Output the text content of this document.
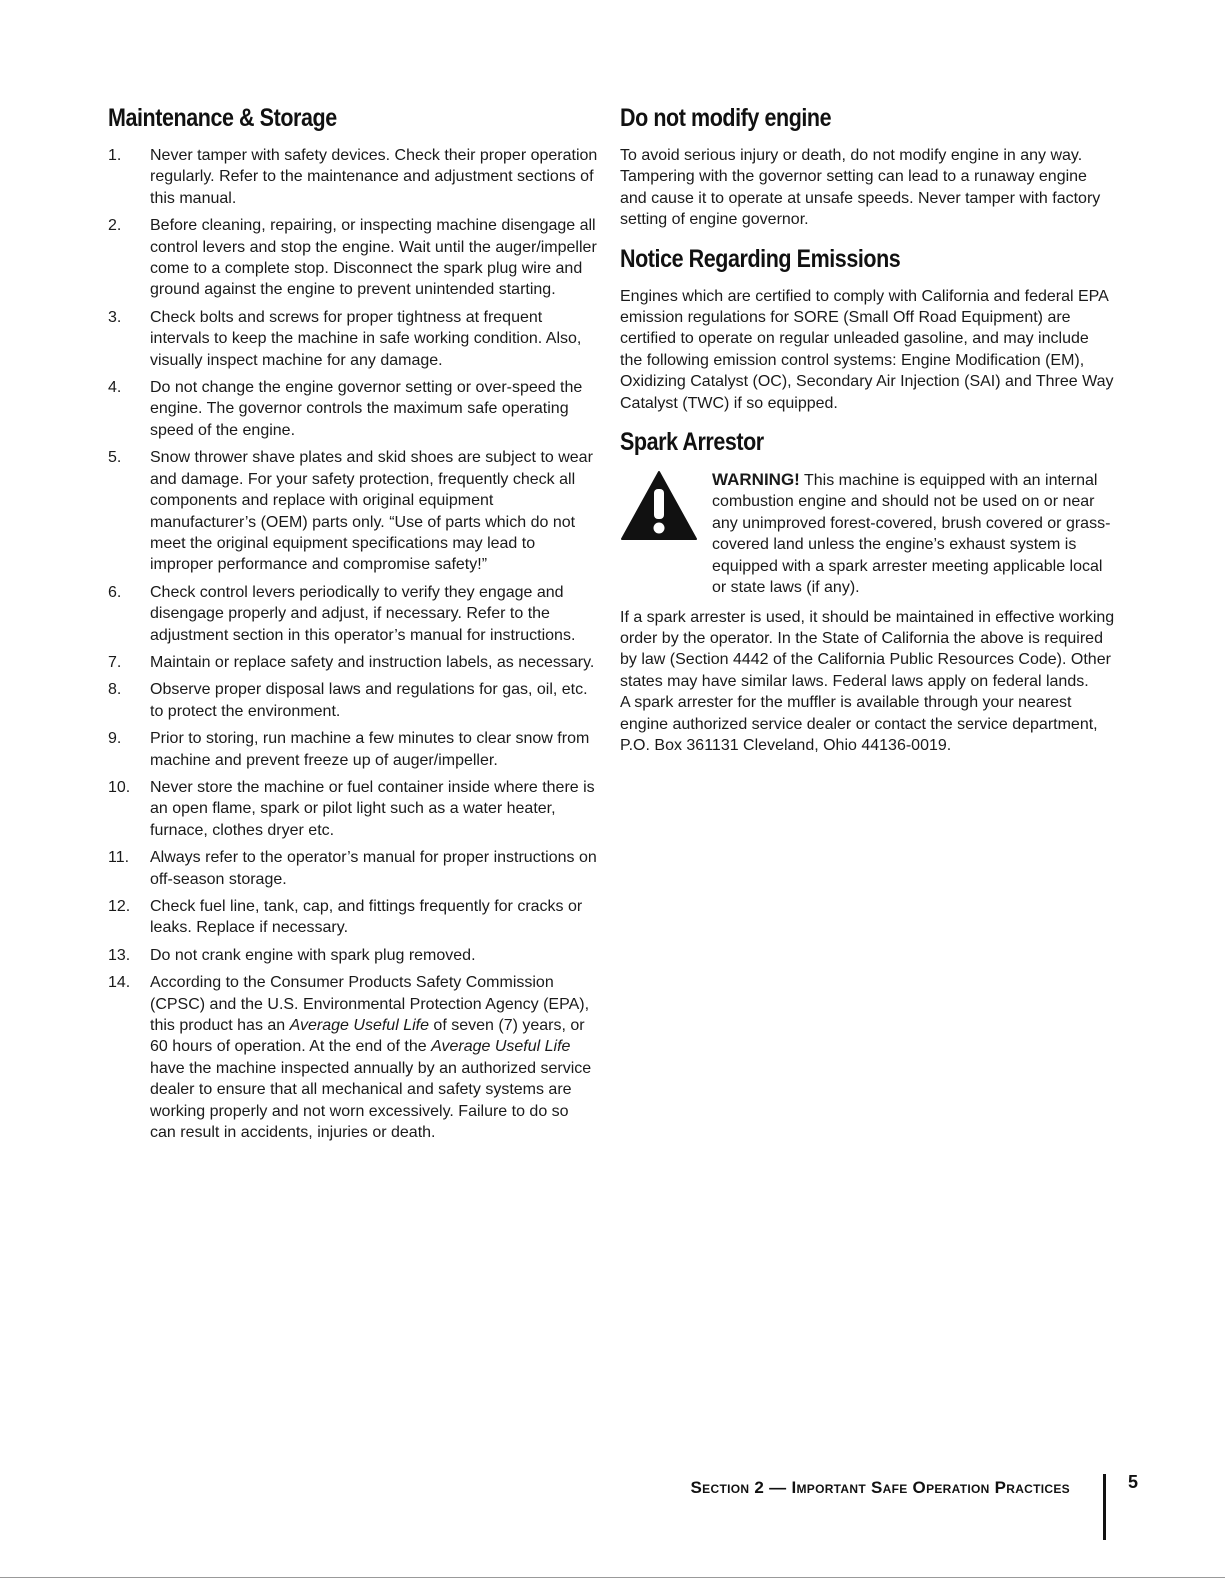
Maintenance & Storage
1.	Never tamper with safety devices. Check their proper operation regularly. Refer to the maintenance and adjustment sections of this manual.
2.	Before cleaning, repairing, or inspecting machine disengage all control levers and stop the engine. Wait until the auger/impeller come to a complete stop. Disconnect the spark plug wire and ground against the engine to prevent unintended starting.
3.	Check bolts and screws for proper tightness at frequent intervals to keep the machine in safe working condition. Also, visually inspect machine for any damage.
4.	Do not change the engine governor setting or over-speed the engine. The governor controls the maximum safe operating speed of the engine.
5.	Snow thrower shave plates and skid shoes are subject to wear and damage. For your safety protection, frequently check all components and replace with original equipment manufacturer’s (OEM) parts only. “Use of parts which do not meet the original equipment specifications may lead to improper performance and compromise safety!”
6.	Check control levers periodically to verify they engage and disengage properly and adjust, if necessary. Refer to the adjustment section in this operator’s manual for instructions.
7.	Maintain or replace safety and instruction labels, as necessary.
8.	Observe proper disposal laws and regulations for gas, oil, etc. to protect the environment.
9.	Prior to storing, run machine a few minutes to clear snow from machine and prevent freeze up of auger/impeller.
10.	Never store the machine or fuel container inside where there is an open flame, spark or pilot light such as a water heater, furnace, clothes dryer etc.
11.	Always refer to the operator’s manual for proper instructions on off-season storage.
12.	Check fuel line, tank, cap, and fittings frequently for cracks or leaks. Replace if necessary.
13.	Do not crank engine with spark plug removed.
14.	According to the Consumer Products Safety Commission (CPSC) and the U.S. Environmental Protection Agency (EPA), this product has an Average Useful Life of seven (7) years, or 60 hours of operation. At the end of the Average Useful Life have the machine inspected annually by an authorized service dealer to ensure that all mechanical and safety systems are working properly and not worn excessively. Failure to do so can result in accidents, injuries or death.
Do not modify engine

To avoid serious injury or death, do not modify engine in any way. Tampering with the governor setting can lead to a runaway engine and cause it to operate at unsafe speeds. Never tamper with factory setting of engine governor.

Notice Regarding Emissions

Engines which are certified to comply with California and federal EPA emission regulations for SORE (Small Off Road Equipment) are certified to operate on regular unleaded gasoline, and may include the following emission control systems: Engine Modification (EM), Oxidizing Catalyst (OC), Secondary Air Injection (SAI) and Three Way Catalyst (TWC) if so equipped.

Spark Arrestor
WARNING! This machine is equipped with an internal combustion engine and should not be used on or near any unimproved forest-covered, brush covered or grass-covered land unless the engine’s exhaust system is equipped with a spark arrester meeting applicable local or state laws (if any).

If a spark arrester is used, it should be maintained in effective working order by the operator. In the State of California the above is required by law (Section 4442 of the California Public Resources Code). Other states may have similar laws. Federal laws apply on federal lands.

A spark arrester for the muffler is available through your nearest engine authorized service dealer or contact the service department, P.O. Box 361131 Cleveland, Ohio 44136-0019.

Section 2 — Important Safe Operation Practices	5
